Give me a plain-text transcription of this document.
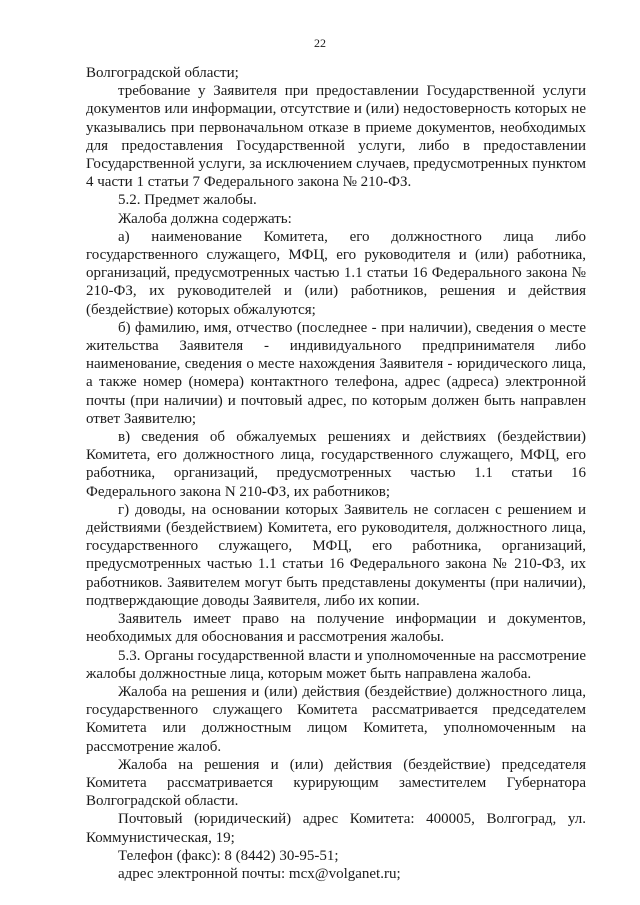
22

Волгоградской области;

требование у Заявителя при предоставлении Государственной услуги документов или информации, отсутствие и (или) недостоверность которых не указывались при первоначальном отказе в приеме документов, необходимых для предоставления Государственной услуги, либо в предоставлении Государственной услуги, за исключением случаев, предусмотренных пунктом 4 части 1 статьи 7 Федерального закона № 210-ФЗ.

5.2. Предмет жалобы.

Жалоба должна содержать:

а) наименование Комитета, его должностного лица либо государственного служащего, МФЦ, его руководителя и (или) работника, организаций, предусмотренных частью 1.1 статьи 16 Федерального закона № 210-ФЗ, их руководителей и (или) работников, решения и действия (бездействие) которых обжалуются;

б) фамилию, имя, отчество (последнее - при наличии), сведения о месте жительства Заявителя - индивидуального предпринимателя либо наименование, сведения о месте нахождения Заявителя - юридического лица, а также номер (номера) контактного телефона, адрес (адреса) электронной почты (при наличии) и почтовый адрес, по которым должен быть направлен ответ Заявителю;

в) сведения об обжалуемых решениях и действиях (бездействии) Комитета, его должностного лица, государственного служащего, МФЦ, его работника, организаций, предусмотренных частью 1.1 статьи 16 Федерального закона N 210-ФЗ, их работников;

г) доводы, на основании которых Заявитель не согласен с решением и действиями (бездействием) Комитета, его руководителя, должностного лица, государственного служащего, МФЦ, его работника, организаций, предусмотренных частью 1.1 статьи 16 Федерального закона № 210-ФЗ, их работников. Заявителем могут быть представлены документы (при наличии), подтверждающие доводы Заявителя, либо их копии.

Заявитель имеет право на получение информации и документов, необходимых для обоснования и рассмотрения жалобы.

5.3. Органы государственной власти и уполномоченные на рассмотрение жалобы должностные лица, которым может быть направлена жалоба.

Жалоба на решения и (или) действия (бездействие) должностного лица, государственного служащего Комитета рассматривается председателем Комитета или должностным лицом Комитета, уполномоченным на рассмотрение жалоб.

Жалоба на решения и (или) действия (бездействие) председателя Комитета рассматривается курирующим заместителем Губернатора Волгоградской области.

Почтовый (юридический) адрес Комитета: 400005, Волгоград, ул. Коммунистическая, 19;

Телефон (факс): 8 (8442) 30-95-51;

адрес электронной почты: mcx@volganet.ru;
